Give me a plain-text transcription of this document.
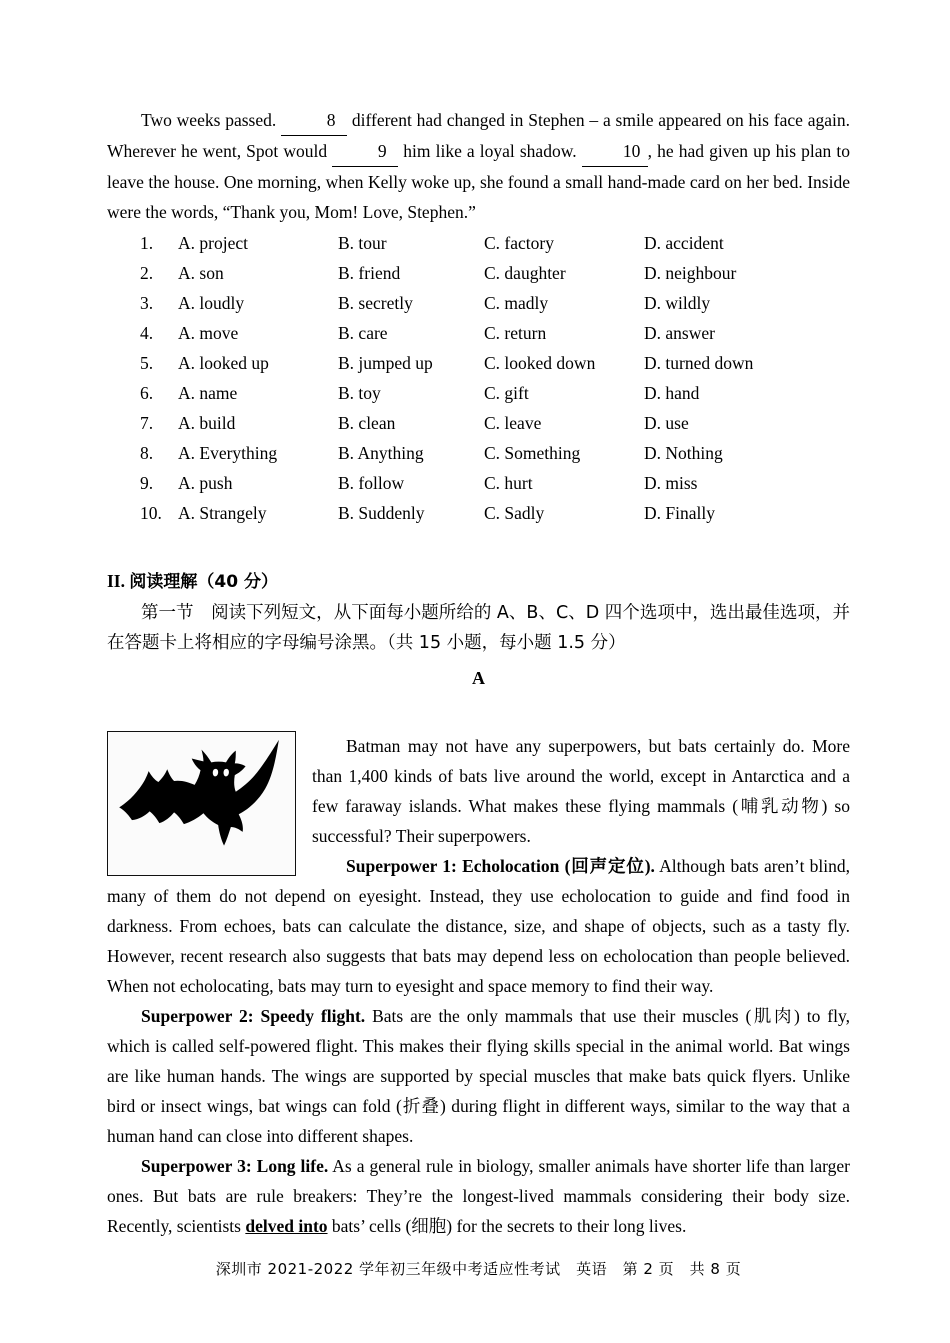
Two weeks passed.	8 different had changed in Stephen – a smile appeared on his face again. Wherever he went, Spot would	9 him like a loyal shadow.	10 , he had given up his plan to leave the house. One morning, when Kelly woke up, she found a small hand-made card on her bed. Inside were the words, “Thank you, Mom! Love, Stephen.”
1.	A. project	B. tour	C. factory	D. accident
2.	A. son	B. friend	C. daughter	D. neighbour
3.	A. loudly	B. secretly	C. madly	D. wildly
4.	A. move	B. care	C. return	D. answer
5.	A. looked up	B. jumped up	C. looked down	D. turned down
6.	A. name	B. toy	C. gift	D. hand
7.	A. build	B. clean	C. leave	D. use
8.	A. Everything	B. Anything	C. Something	D. Nothing
9.	A. push	B. follow	C. hurt	D. miss
10. A. Strangely	B. Suddenly	C. Sadly	D. Finally
II. 阅读理解（40 分）
第一节　阅读下列短文，从下面每小题所给的 A、B、C、D 四个选项中，选出最佳选项，并在答题卡上将相应的字母编号涂黑。（共 15 小题，每小题 1.5 分）
A

Batman may not have any superpowers, but bats certainly do. More than 1,400 kinds of bats live around the world, except in Antarctica and a few faraway islands. What makes these flying mammals (哺乳动物) so successful? Their superpowers.

Superpower 1: Echolocation (回声定位). Although bats aren’t blind, many of them do not depend on eyesight. Instead, they use echolocation to guide and find food in darkness. From echoes, bats can calculate the distance, size, and shape of objects, such as a tasty fly. However, recent research also suggests that bats may depend less on echolocation than people believed. When not echolocating, bats may turn to eyesight and space memory to find their way.

Superpower 2: Speedy flight. Bats are the only mammals that use their muscles (肌肉) to fly, which is called self-powered flight. This makes their flying skills special in the animal world. Bat wings are like human hands. The wings are supported by special muscles that make bats quick flyers. Unlike bird or insect wings, bat wings can fold (折叠) during flight in different ways, similar to the way that a human hand can close into different shapes.

Superpower 3: Long life. As a general rule in biology, smaller animals have shorter life than larger ones. But bats are rule breakers: They’re the longest-lived mammals considering their body size. Recently, scientists delved into bats’ cells (细胞) for the secrets to their long lives.

深圳市 2021-2022 学年初三年级中考适应性考试　英语　第 2 页　共 8 页
